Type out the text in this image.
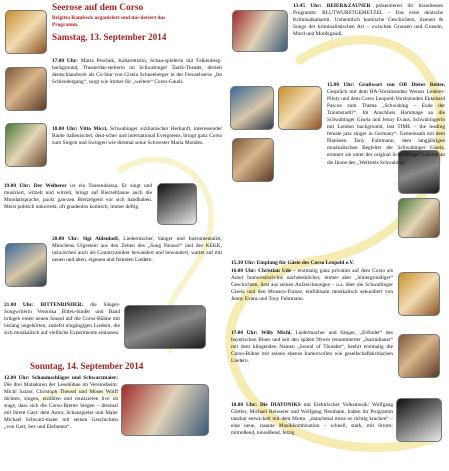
Seerose auf dem Corso
Brigitta Rambeck organisiert und mo-deriert das Programm.
Samstag, 13. September 2014
17.00 Uhr: Maria Peschek, Kabarettistin, Schau-spielerin mit Falkenberg-background, Theaterdar-stellerin im Schwabinger TamS-Theater, derzeit deutschlandweit als Co-Star von Gisela Schneeberger in der Fernsehserie „Im Schleudergang“, sorgt wie immer für „weitere“ Corso-Gaudi.
18.00 Uhr: Vitto Micci, Schwabinger sizilianischer Herkunft, interessender Barde italienischer, deut-scher und international Evergreens, bringt ganz Corso zum Singen und Swingen wie diesmal seine Schwester Maria Mondes.
19.00 Uhr: Der Weiherer ist ein Tausendsassa. Er singt und musiziert, witzelt und witzelt, bringt auf Bierzeltlaune auch die Mundartsprache, packt gan-zen Bierzelgeist vor sich handhaben. Meist poltisch unkorrekt, oft gnadenlos komisch, immer deftig.
20.00 Uhr: Sigi Aldenhoff, Liedermacher, Sänger und Instrumentalist, Münchens Urgestein aus den Zeiten des „Song Parasol“ und des KEKK, inzwischen auch als Countryamiker bewandert und bewundert, wartet auf mit neuen und alten, eigenen und fremden Liedern.
21.00 Uhr: BITTENBINDER: die Sänger-Songwriterin Veronika Bitten-binder und Band bringen einen neuen Sound auf die Corso-Bühne mit bislang ungehörten, zutiefst eingängigen Liedern, die sich musikalisch auf vielfache Experimente einlassen.
Sonntag, 14. September 2014
12.00 Uhr: Schaumschläger und Schwarzmaier: Die drei Matadoren der Lesebühne im Vereinsheim: Michi Salzer, Christoph Theussl und Moses Wolff dichten, singen, erzählen und musizieren live on stage, dass sich die Corso-Bretter biegen – diesmal mit ihrem Gast: dem Autor, Schauspieler und Maler Michael Schwarz-maier mit seinen Geschichten „von Gott, Sex und Elefanten“.
13.45 Uhr: BEIER&ZAUNER präsentieren ihr brandneues Programm: BLUTWURSTGEMETZEL – Das erste deutsche Kriminalkabarett. Unheimlich komische Geschichten, Szenen & Songs der kriminalistischen Art – zwischen Grausen und Gruseln, Mord und Mordsgaudi.
15.00 Uhr: Grußwort von OB Dieter Reiter. Gespräch mit dem BA-Vorsitzenden Werner Lederer-Piloty und dem Corso Leopold-Vorsitzenden Ekkehard Pascoe zum Thema „Schwabing – Ende der Traumstadt?“. Im Anschluss Hommage an die Schwabinger Gisela und Jenny Evans, Schwabingerin mit London background, last TIME – the leading female jazz singer in Germany“. Gemeinsam mit dem Pianisten Tony Fuhrmann, dem langjährigen musikalischen Begleiter der Schwabinger Gisela, erinnert sie unter der original Schwabinger Laterne an die Ikone des „Weltstels Schwabing“.
15.30 Uhr: Empfang für Gäste des Corso Leopold e.V.
16.00 Uhr: Christian Ude – erstmalig ganz privatim auf dem Corso als Autor humoristisch-bis nachdenklicher, immer aber „hintergründiger“ Geschichten, liest aus seinen Aufzeichnungen – u.a. über die Schwabinger Gisela und den Monaco-Franze, einfühlsam musikalisch sekundiert von Jenny Evans und Tony Fuhrmann.
17.00 Uhr: Willy Michl, Liedermacher und Sänger, „Erfinder“ des bayerischen Blues und seit den späten 90-ern renommierter „Isarindianer“ mit dem klingenden Namen „Sound of Thunder“, beehrt erstmalig die Corso-Bühne mit seinen ebenso humorvollen wie gesellschaftskritischen Liedern.
18.00 Uhr: Die DIATONIKS mit Elektrischer Volksmusik: Wolfgang Görtler, Michael Reisserer und Wolfgang Neumann, haben ihr Programm tanzbar entwickelt mit dem Motto: „manchmal muss es richtig krachen“ – eine neue, rasante Musikkombination – schnell, stark, mit Strom- mitreißend, hinreißend, fetzig
